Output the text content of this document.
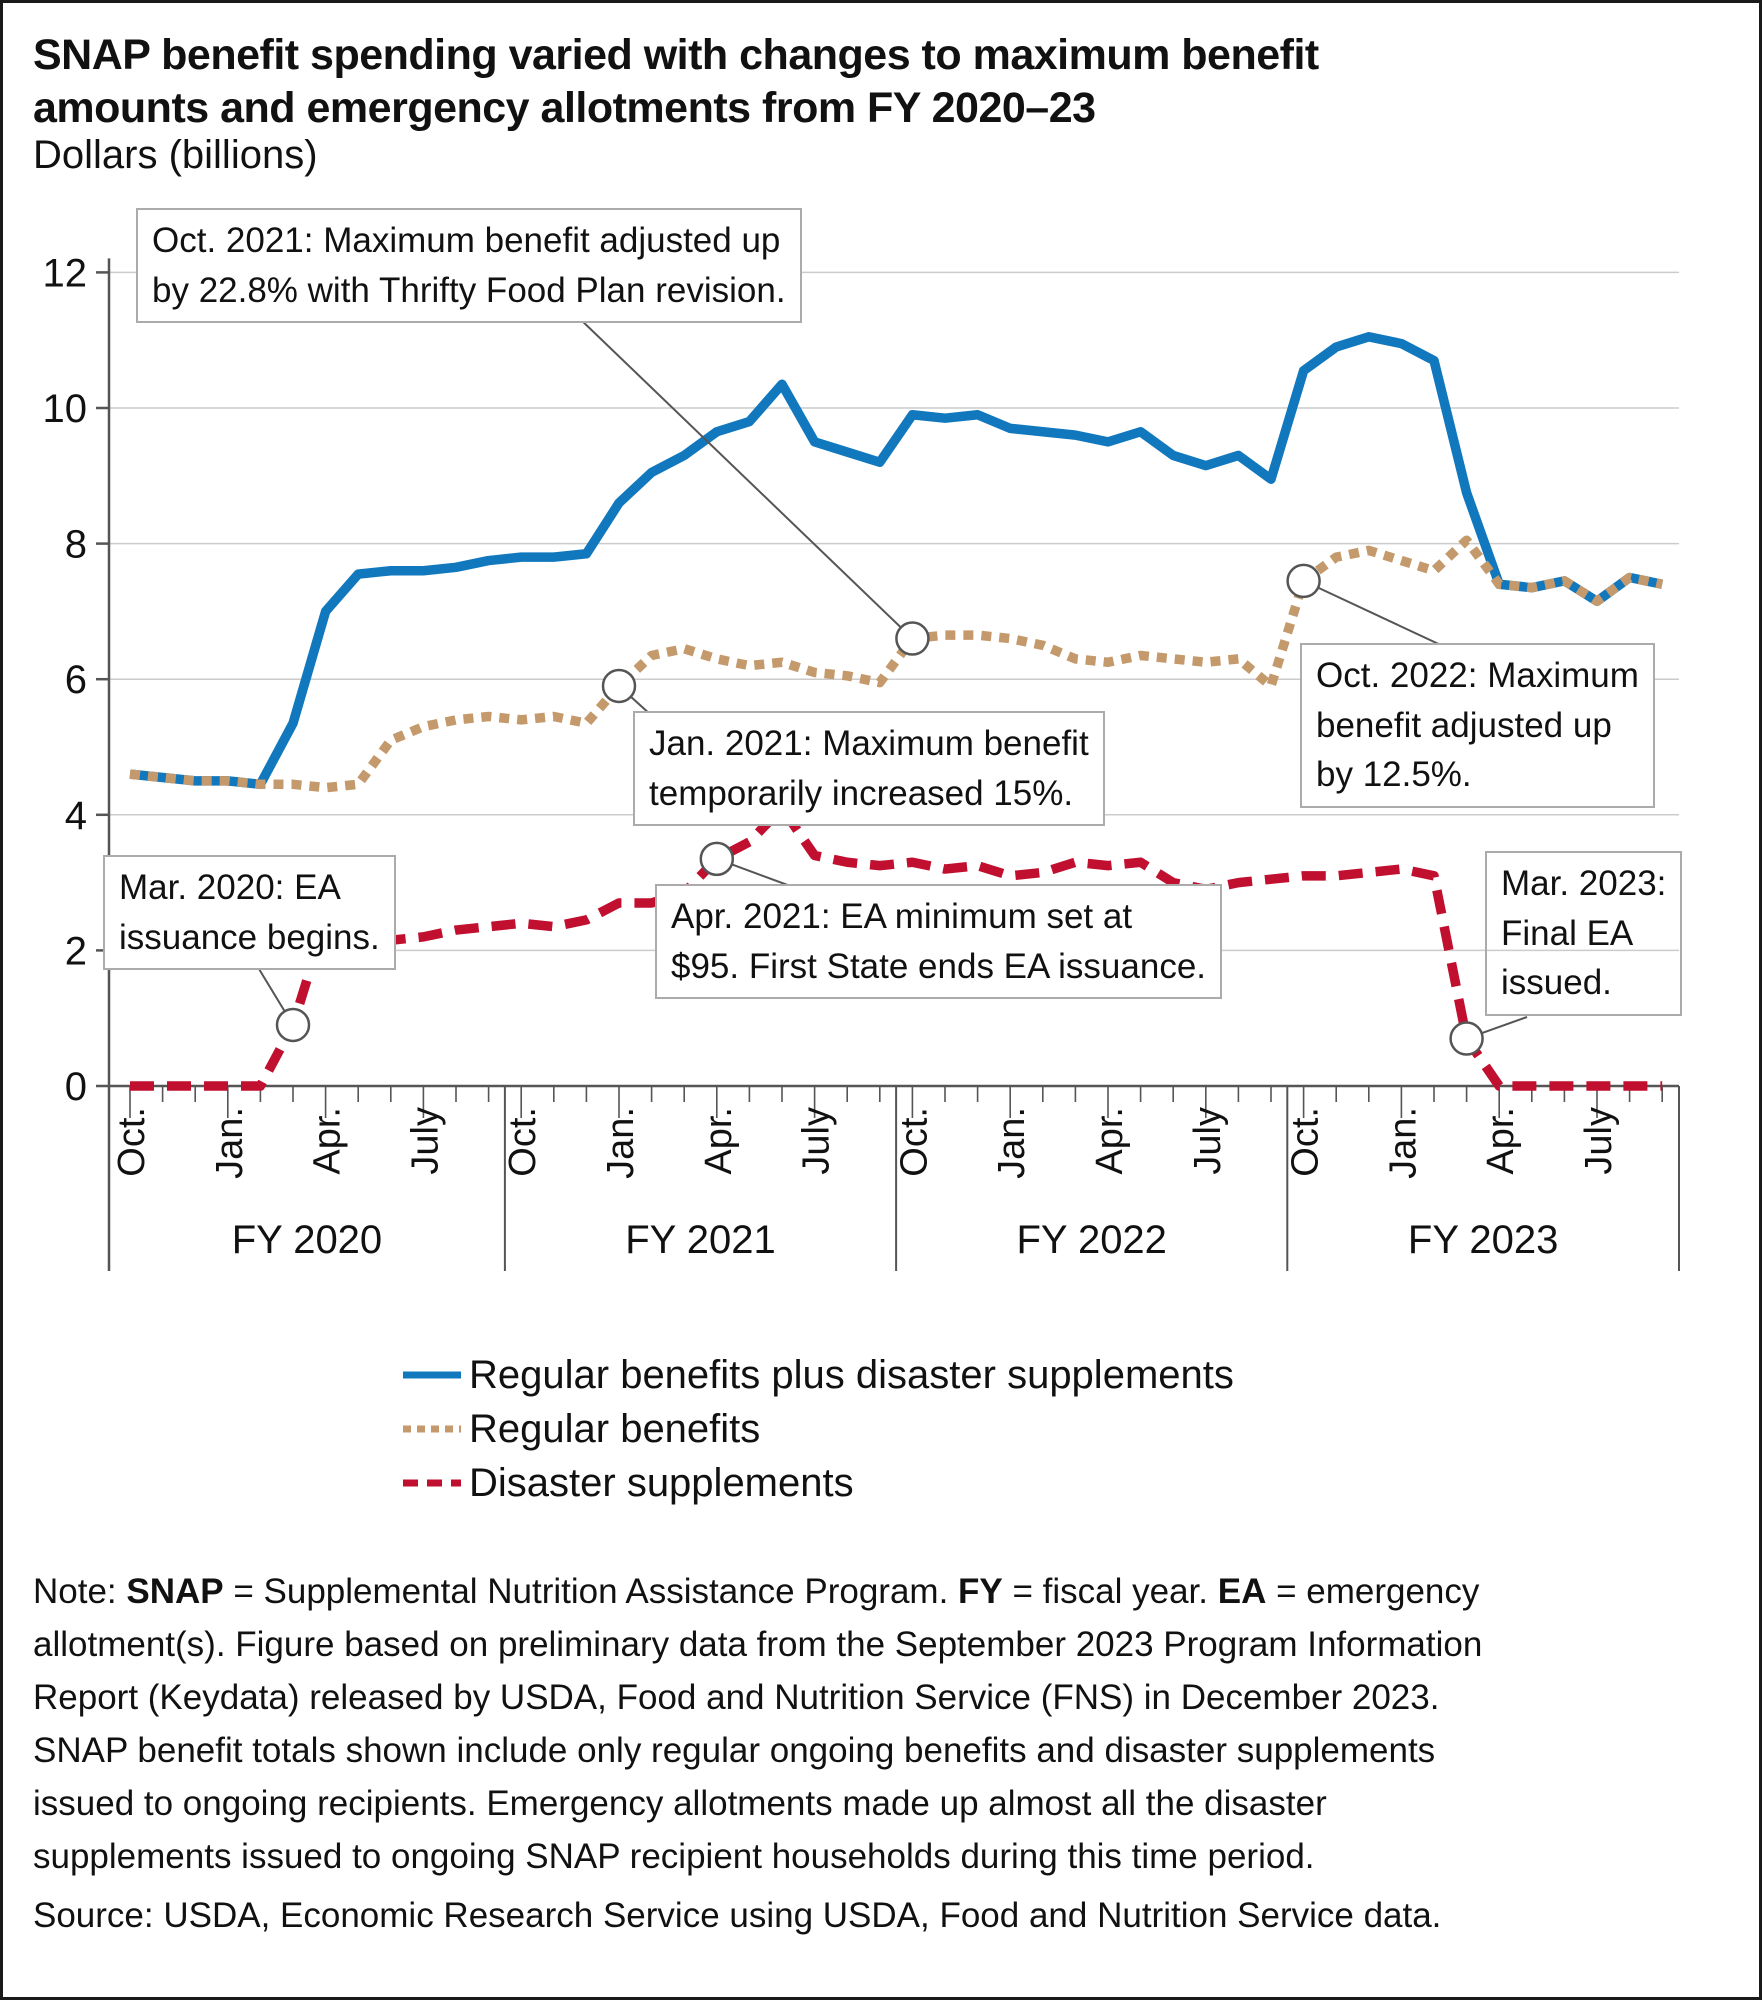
0
2
4
6
8
10
12
Oct. Jan. Apr. July Oct. Jan. Apr. July Oct. Jan. Apr. July Oct. Jan. Apr. July
FY 2020	FY 2021	FY 2022	FY 2023
SNAP benefit spending varied with changes to maximum benefit
amounts and emergency allotments from FY 2020–23
Dollars (billions)
Regular benefits plus disaster supplements
Regular benefits
Disaster supplements
Note: SNAP = Supplemental Nutrition Assistance Program. FY = fiscal year. EA = emergency
allotment(s). Figure based on preliminary data from the September 2023 Program Information
Report (Keydata) released by USDA, Food and Nutrition Service (FNS) in December 2023.
SNAP benefit totals shown include only regular ongoing benefits and disaster supplements
issued to ongoing recipients. Emergency allotments made up almost all the disaster
supplements issued to ongoing SNAP recipient households during this time period.
Source: USDA, Economic Research Service using USDA, Food and Nutrition Service data.
Mar. 2020: EA
issuance begins.
Jan. 2021: Maximum benefit
temporarily increased 15%.
Oct. 2021: Maximum benefit adjusted up
by 22.8% with Thrifty Food Plan revision.
Apr. 2021: EA minimum set at
$95. First State ends EA issuance.
Oct. 2022: Maximum
benefit adjusted up
by 12.5%.
Mar. 2023:
Final EA
issued.
